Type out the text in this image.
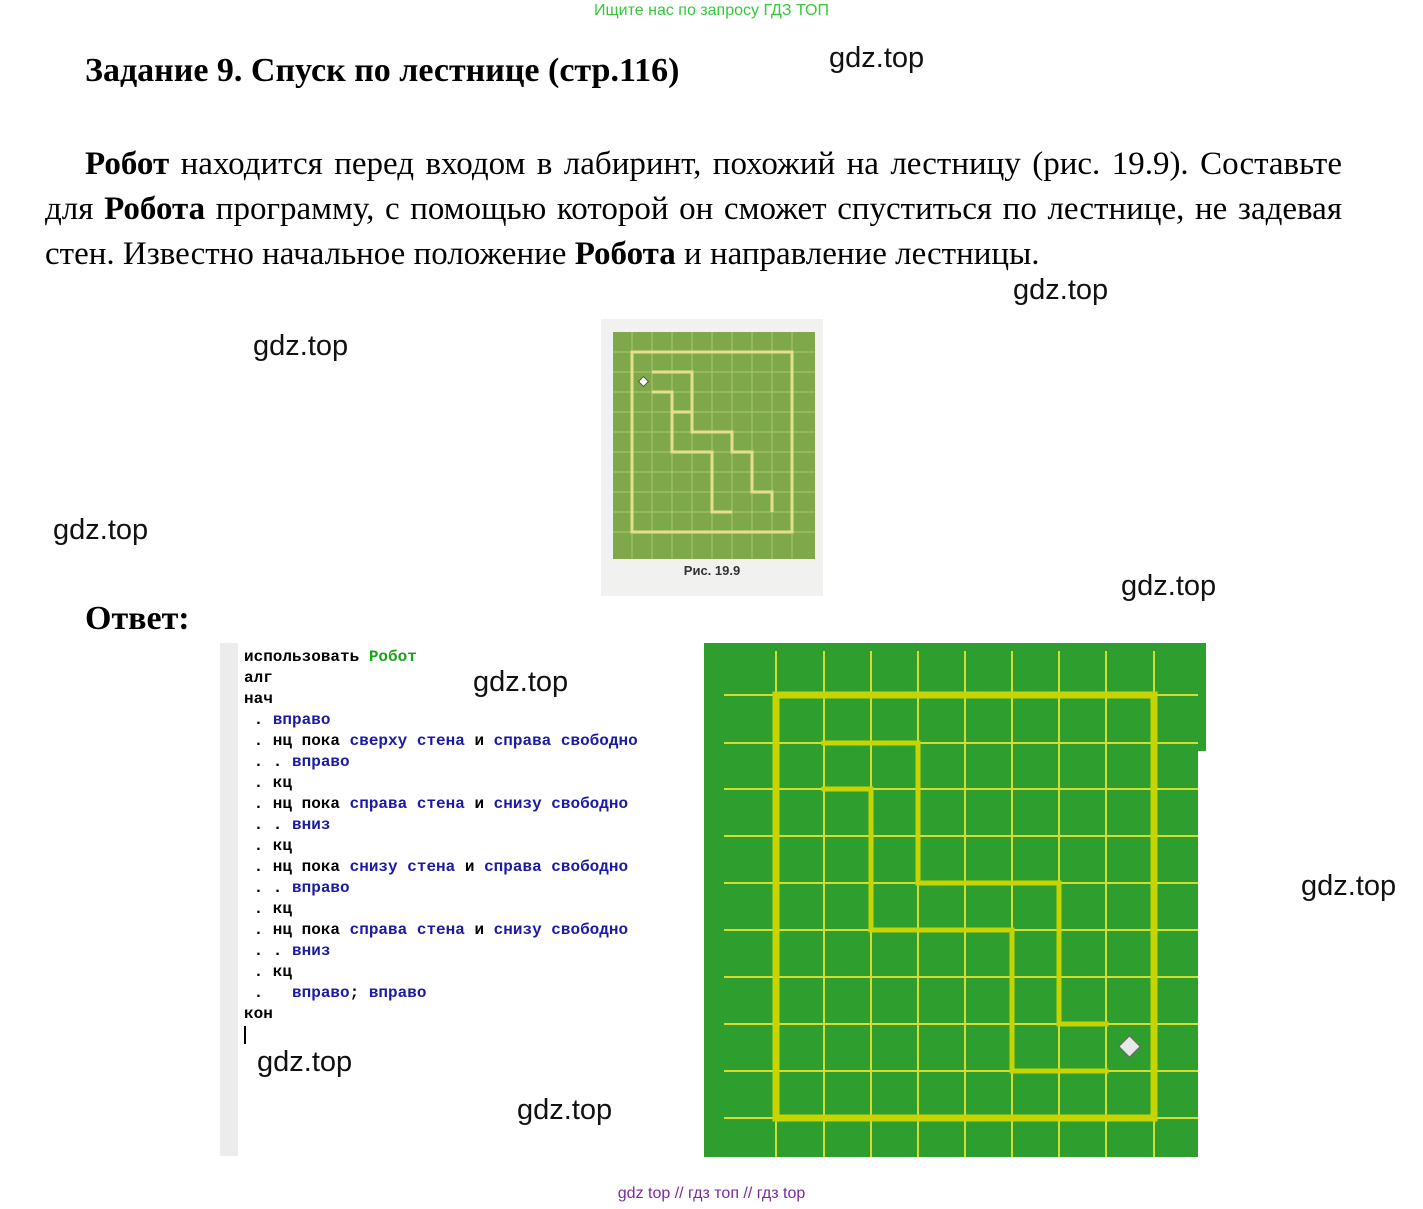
Ищите нас по запросу ГДЗ ТОП
Задание 9. Спуск по лестнице (стр.116)
Робот находится перед входом в лабиринт, похожий на лестницу (рис. 19.9). Составьте для Робота программу, с помощью которой он сможет спуститься по лестнице, не задевая стен. Известно начальное положение Робота и направление лестницы.
gdz.top
gdz.top
gdz.top
gdz.top
gdz.top
gdz.top
Рис. 19.9
Ответ:
использовать Робот
алг
нач
. вправо
. нц пока сверху стена и справа свободно
. . вправо
. кц
. нц пока справа стена и снизу свободно
. . вниз
. кц
. нц пока снизу стена и справа свободно
. . вправо
. кц
. нц пока справа стена и снизу свободно
. . вниз
. кц
.   вправо; вправо
кон

gdz.top
gdz.top
gdz.top
gdz top // гдз топ // гдз top
